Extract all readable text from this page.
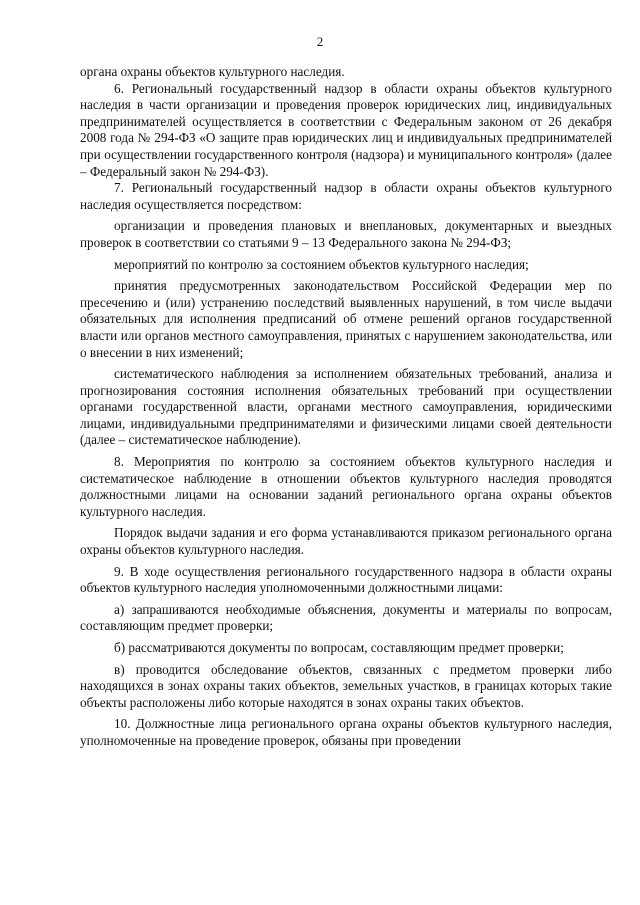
2

органа охраны объектов культурного наследия.

6. Региональный государственный надзор в области охраны объектов культурного наследия в части организации и проведения проверок юридических лиц, индивидуальных предпринимателей осуществляется в соответствии с Федеральным законом от 26 декабря 2008 года № 294-ФЗ «О защите прав юридических лиц и индивидуальных предпринимателей при осуществлении государственного контроля (надзора) и муниципального контроля» (далее – Федеральный закон № 294-ФЗ).

7. Региональный государственный надзор в области охраны объектов культурного наследия осуществляется посредством:

организации и проведения плановых и внеплановых, документарных и выездных проверок в соответствии со статьями 9 – 13 Федерального закона № 294-ФЗ;

мероприятий по контролю за состоянием объектов культурного наследия;

принятия предусмотренных законодательством Российской Федерации мер по пресечению и (или) устранению последствий выявленных нарушений, в том числе выдачи обязательных для исполнения предписаний об отмене решений органов государственной власти или органов местного самоуправления, принятых с нарушением законодательства, или о внесении в них изменений;

систематического наблюдения за исполнением обязательных требований, анализа и прогнозирования состояния исполнения обязательных требований при осуществлении органами государственной власти, органами местного самоуправления, юридическими лицами, индивидуальными предпринимателями и физическими лицами своей деятельности (далее – систематическое наблюдение).

8. Мероприятия по контролю за состоянием объектов культурного наследия и систематическое наблюдение в отношении объектов культурного наследия проводятся должностными лицами на основании заданий регионального органа охраны объектов культурного наследия.

Порядок выдачи задания и его форма устанавливаются приказом регионального органа охраны объектов культурного наследия.

9. В ходе осуществления регионального государственного надзора в области охраны объектов культурного наследия уполномоченными должностными лицами:

а) запрашиваются необходимые объяснения, документы и материалы по вопросам, составляющим предмет проверки;

б) рассматриваются документы по вопросам, составляющим предмет проверки;

в) проводится обследование объектов, связанных с предметом проверки либо находящихся в зонах охраны таких объектов, земельных участков, в границах которых такие объекты расположены либо которые находятся в зонах охраны таких объектов.

10. Должностные лица регионального органа охраны объектов культурного наследия, уполномоченные на проведение проверок, обязаны при проведении
